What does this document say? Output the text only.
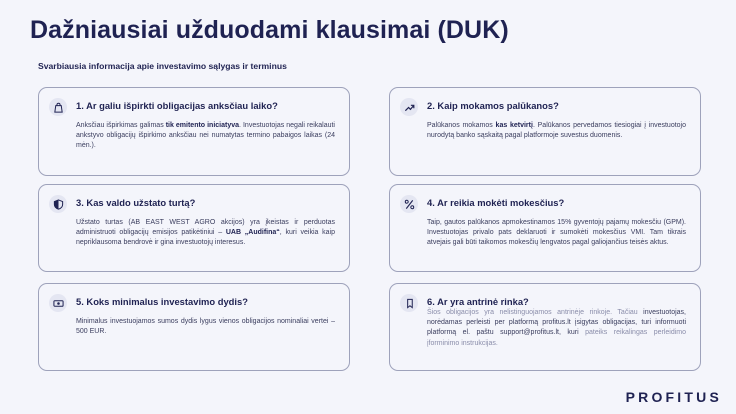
Dažniausiai užduodami klausimai (DUK)
Svarbiausia informacija apie investavimo sąlygas ir terminus
1. Ar galiu išpirkti obligacijas anksčiau laiko?
Anksčiau išpirkimas galimas tik emitento iniciatyva. Investuotojas negali reikalauti ankstyvo obligacijų išpirkimo anksčiau nei numatytas termino pabaigos laikas (24 mėn.).
2. Kaip mokamos palūkanos?
Palūkanos mokamos kas ketvirtį. Palūkanos pervedamos tiesiogiai į investuotojo nurodytą banko sąskaitą pagal platformoje suvestus duomenis.
3. Kas valdo užstato turtą?
Užstato turtas (AB EAST WEST AGRO akcijos) yra įkeistas ir perduotas administruoti obligacijų emisijos patikėtiniui – UAB „Audifina“, kuri veikia kaip nepriklausoma bendrovė ir gina investuotojų interesus.
4. Ar reikia mokėti mokesčius?
Taip, gautos palūkanos apmokestinamos 15% gyventojų pajamų mokesčiu (GPM). Investuotojas privalo pats deklaruoti ir sumokėti mokesčius VMI. Tam tikrais atvejais gali būti taikomos mokesčių lengvatos pagal galiojančius teisės aktus.
5. Koks minimalus investavimo dydis?
Minimalus investuojamos sumos dydis lygus vienos obligacijos nominaliai vertei – 500 EUR.
6. Ar yra antrinė rinka?
Šios obligacijos yra nelistinguojamos antrinėje rinkoje. Tačiau investuotojas, norėdamas perleisti per platformą profitus.lt įsigytas obligacijas, turi informuoti platformą el. paštu support@profitus.lt, kuri pateiks reikalingas perleidimo įforminimo instrukcijas.
PROFITUS
